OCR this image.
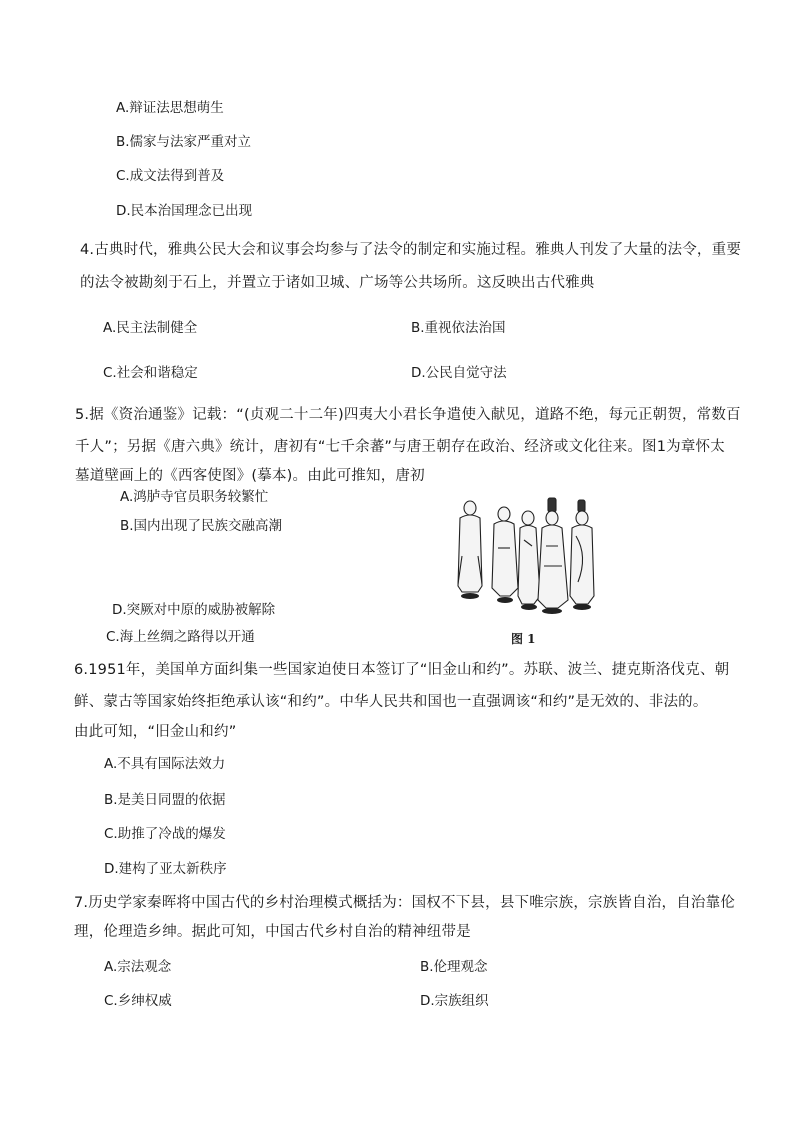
A.辩证法思想萌生
B.儒家与法家严重对立
C.成文法得到普及
D.民本治国理念已出现
4.古典时代，雅典公民大会和议事会均参与了法令的制定和实施过程。雅典人刊发了大量的法令，重要
的法令被勘刻于石上，并置立于诸如卫城、广场等公共场所。这反映出古代雅典
A.民主法制健全	B.重视依法治国
C.社会和谐稳定	D.公民自觉守法
5.据《资治通鉴》记载：“(贞观二十二年)四夷大小君长争遣使入献见，道路不绝，每元正朝贺，常数百
千人”；另据《唐六典》统计，唐初有“七千余蕃”与唐王朝存在政治、经济或文化往来。图1为章怀太
墓道壁画上的《西客使图》(摹本)。由此可推知，唐初
A.鸿胪寺官员职务较繁忙
B.国内出现了民族交融高潮
D.突厥对中原的威胁被解除
C.海上丝绸之路得以开通	图 1
6.1951年，美国单方面纠集一些国家迫使日本签订了“旧金山和约”。苏联、波兰、捷克斯洛伐克、朝
鲜、蒙古等国家始终拒绝承认该“和约”。中华人民共和国也一直强调该“和约”是无效的、非法的。
由此可知，“旧金山和约”
A.不具有国际法效力
B.是美日同盟的依据
C.助推了冷战的爆发
D.建构了亚太新秩序
7.历史学家秦晖将中国古代的乡村治理模式概括为：国权不下县，县下唯宗族，宗族皆自治，自治靠伦
理，伦理造乡绅。据此可知，中国古代乡村自治的精神纽带是
A.宗法观念	B.伦理观念
C.乡绅权威	D.宗族组织
